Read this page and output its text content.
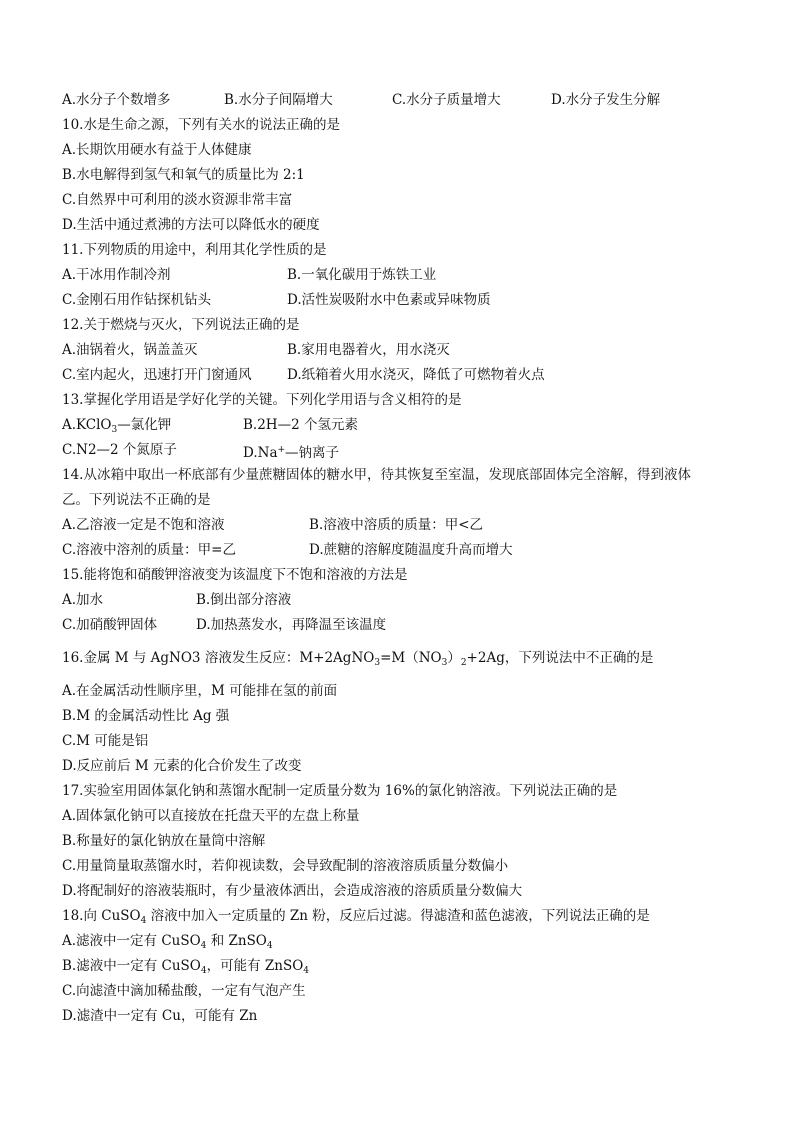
A.水分子个数增多	B.水分子间隔增大	C.水分子质量增大	D.水分子发生分解
10.水是生命之源，下列有关水的说法正确的是
A.长期饮用硬水有益于人体健康
B.水电解得到氢气和氧气的质量比为 2:1
C.自然界中可利用的淡水资源非常丰富
D.生活中通过煮沸的方法可以降低水的硬度
11.下列物质的用途中，利用其化学性质的是
A.干冰用作制冷剂	B.一氧化碳用于炼铁工业
C.金刚石用作钻探机钻头	D.活性炭吸附水中色素或异味物质
12.关于燃烧与灭火，下列说法正确的是
A.油锅着火，锅盖盖灭	B.家用电器着火，用水浇灭
C.室内起火，迅速打开门窗通风	D.纸箱着火用水浇灭，降低了可燃物着火点
13.掌握化学用语是学好化学的关键。下列化学用语与含义相符的是
A.KClO$_3$—氯化钾	B.2H—2 个氢元素
C.N2—2 个氮原子	D.Na+—钠离子
14.从冰箱中取出一杯底部有少量蔗糖固体的糖水甲，待其恢复至室温，发现底部固体完全溶解，得到液体
乙。下列说法不正确的是
A.乙溶液一定是不饱和溶液	B.溶液中溶质的质量：甲<乙
C.溶液中溶剂的质量：甲=乙	D.蔗糖的溶解度随温度升高而增大
15.能将饱和硝酸钾溶液变为该温度下不饱和溶液的方法是
A.加水	B.倒出部分溶液
C.加硝酸钾固体	D.加热蒸发水，再降温至该温度
16.金属 M 与 AgNO3 溶液发生反应：$M+2AgNO_3=M(NO_3)_2+2Ag$，下列说法中不正确的是
A.在金属活动性顺序里，M 可能排在氢的前面
B.M 的金属活动性比 Ag 强
C.M 可能是铝
D.反应前后 M 元素的化合价发生了改变
17.实验室用固体氯化钠和蒸馏水配制一定质量分数为 16%的氯化钠溶液。下列说法正确的是
A.固体氯化钠可以直接放在托盘天平的左盘上称量
B.称量好的氯化钠放在量筒中溶解
C.用量筒量取蒸馏水时，若仰视读数，会导致配制的溶液溶质质量分数偏小
D.将配制好的溶液装瓶时，有少量液体洒出，会造成溶液的溶质质量分数偏大
18.向 CuSO$_4$ 溶液中加入一定质量的 Zn 粉，反应后过滤。得滤渣和蓝色滤液，下列说法正确的是
A.滤液中一定有 CuSO$_4$ 和 ZnSO$_4$
B.滤液中一定有 CuSO$_4$，可能有 ZnSO$_4$
C.向滤渣中滴加稀盐酸，一定有气泡产生
D.滤渣中一定有 Cu，可能有 Zn
